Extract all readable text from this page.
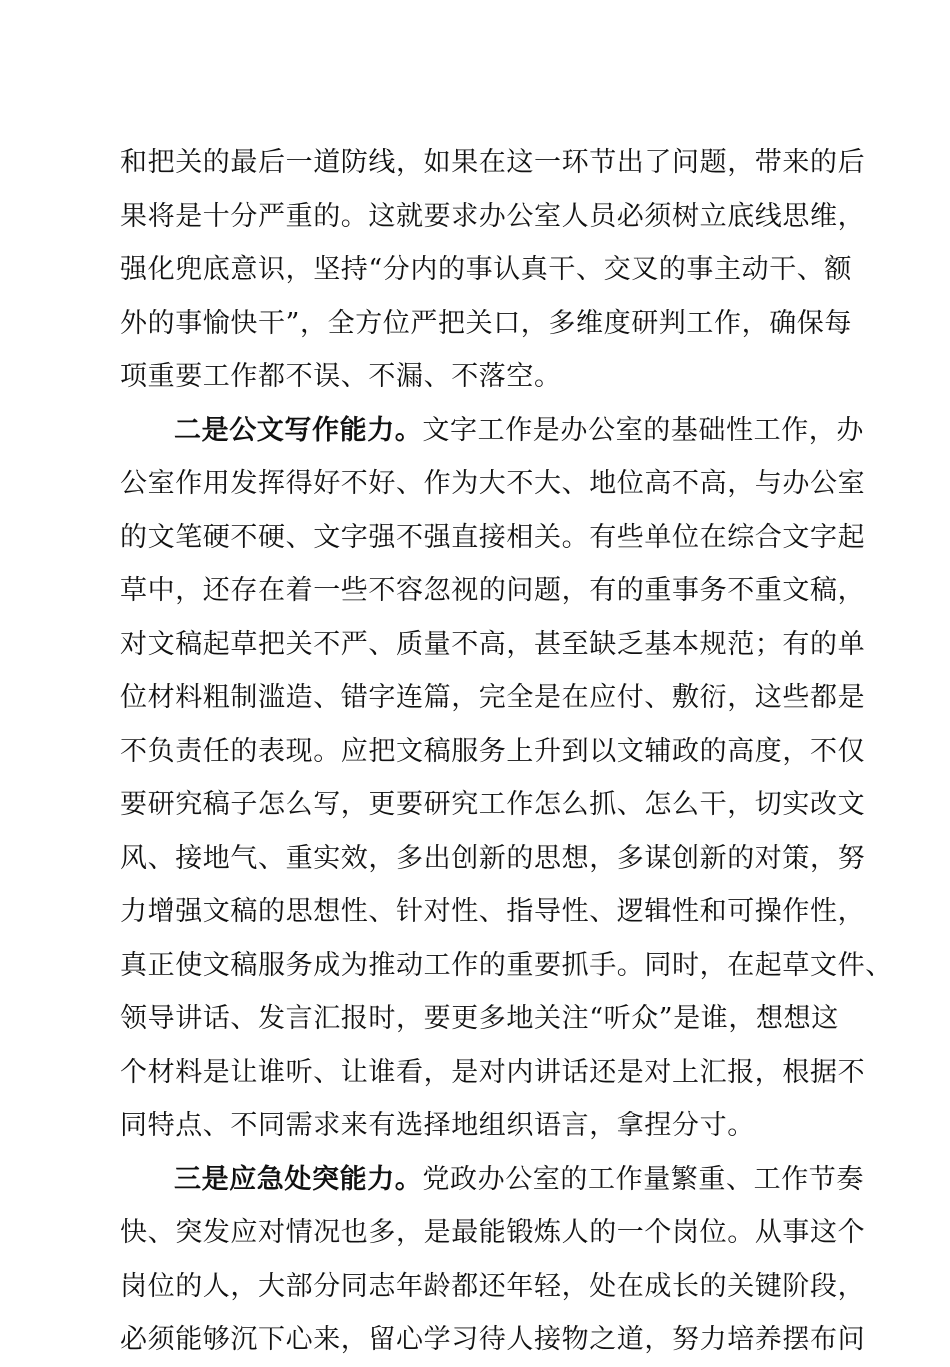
和把关的最后一道防线，如果在这一环节出了问题，带来的后
果将是十分严重的。这就要求办公室人员必须树立底线思维，
强化兜底意识，坚持“分内的事认真干、交叉的事主动干、额
外的事愉快干”，全方位严把关口，多维度研判工作，确保每
项重要工作都不误、不漏、不落空。
二是公文写作能力。文字工作是办公室的基础性工作，办
公室作用发挥得好不好、作为大不大、地位高不高，与办公室
的文笔硬不硬、文字强不强直接相关。有些单位在综合文字起
草中，还存在着一些不容忽视的问题，有的重事务不重文稿，
对文稿起草把关不严、质量不高，甚至缺乏基本规范；有的单
位材料粗制滥造、错字连篇，完全是在应付、敷衍，这些都是
不负责任的表现。应把文稿服务上升到以文辅政的高度，不仅
要研究稿子怎么写，更要研究工作怎么抓、怎么干，切实改文
风、接地气、重实效，多出创新的思想，多谋创新的对策，努
力增强文稿的思想性、针对性、指导性、逻辑性和可操作性，
真正使文稿服务成为推动工作的重要抓手。同时，在起草文件、
领导讲话、发言汇报时，要更多地关注“听众”是谁，想想这
个材料是让谁听、让谁看，是对内讲话还是对上汇报，根据不
同特点、不同需求来有选择地组织语言，拿捏分寸。
三是应急处突能力。党政办公室的工作量繁重、工作节奏
快、突发应对情况也多，是最能锻炼人的一个岗位。从事这个
岗位的人，大部分同志年龄都还年轻，处在成长的关键阶段，
必须能够沉下心来，留心学习待人接物之道，努力培养摆布问
